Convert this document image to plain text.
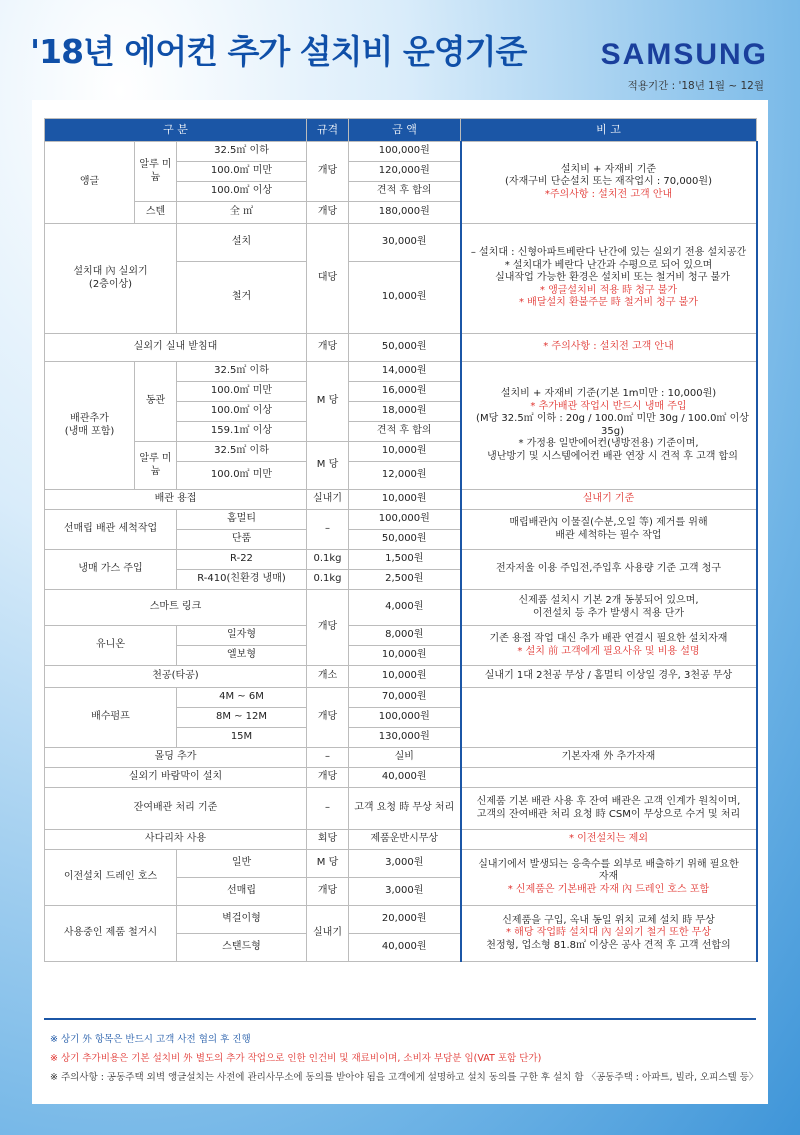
'18년 에어컨 추가 설치비 운영기준 SAMSUNG
적용기간 : '18년 1월 ~ 12월
구 분			규격	금 액	비 고
앵글	알루 미늄	32.5㎡ 이하	개당	100,000원	설치비 + 자재비 기준
(자재구비 단순설치 또는 재작업시 : 70,000원)
*주의사항 : 설치전 고객 안내

		100.0㎡ 미만		120,000원	
		100.0㎡ 이상		견적 후 합의	
	스텐	全 ㎡	개당	180,000원	

설치대 內 실외기
(2층이상)		설치	대당	30,000원	– 설치대 : 신형아파트베란다 난간에 있는 실외기 전용 설치공간
* 설치대가 베란다 난간과 수평으로 되어 있으며
실내작업 가능한 환경은 설치비 또는 철거비 청구 불가
* 앵글설치비 적용 時 청구 불가
* 배달설치 환불주문 時 철거비 청구 불가

		철거		10,000원	
실외기 실내 받침대			개당	50,000원	* 주의사항 : 설치전 고객 안내

배관추가
(냉매 포함)	동관	32.5㎡ 이하	M 당	14,000원	설치비 + 자재비 기준(기본 1m미만 : 10,000원)
* 추가배관 작업시 반드시 냉매 주입
(M당 32.5㎡ 이하 : 20g / 100.0㎡ 미만 30g / 100.0㎡ 이상 35g)
* 가정용 일반에어컨(냉방전용) 기준이며,
냉난방기 및 시스템에어컨 배관 연장 시 견적 후 고객 합의

		100.0㎡ 미만		16,000원	
		100.0㎡ 이상		18,000원	
		159.1㎡ 이상		견적 후 합의	
	알루 미늄	32.5㎡ 이하	M 당	10,000원	
		100.0㎡ 미만		12,000원	
배관 용접			실내기	10,000원	실내기 기준

선매립 배관 세척작업		홈멀티	–	100,000원	매립배관內 이물질(수분,오일 等) 제거를 위해
배관 세척하는 필수 작업

		단품		50,000원	
냉매 가스 주입		R-22	0.1kg	1,500원	전자저울 이용 주입전,주입후 사용량 기준 고객 청구
		R-410(친환경 냉매)	0.1kg	2,500원	
스마트 링크			개당	4,000원	신제품 설치시 기본 2개 동봉되어 있으며,
이전설치 등 추가 발생시 적용 단가

유니온		일자형		8,000원	기존 용접 작업 대신 추가 배관 연결시 필요한 설치자재
* 설치 前 고객에게 필요사유 및 비용 설명

		엘보형		10,000원	
천공(타공)			개소	10,000원	실내기 1대 2천공 무상 / 홈멀티 이상일 경우, 3천공 무상
배수펌프		4M ~ 6M	개당	70,000원	
		8M ~ 12M		100,000원	
		15M		130,000원	
몰딩 추가			–	실비	기본자재 外 추가자재
실외기 바람막이 설치			개당	40,000원	
잔여배관 처리 기준			–	고객 요청 時 무상 처리	신제품 기본 배관 사용 후 잔여 배관은 고객 인계가 원칙이며,
고객의 잔여배관 처리 요청 時 CSM이 무상으로 수거 및 처리

사다리차 사용			회당	제품운반시무상	* 이전설치는 제외

이전설치 드레인 호스		일반	M 당	3,000원	실내기에서 발생되는 응축수를 외부로 배출하기 위해 필요한
자재
* 신제품은 기본배관 자재 內 드레인 호스 포함

		선매립	개당	3,000원	
사용중인 제품 철거시		벽걸이형	실내기	20,000원	신제품을 구입, 옥내 동일 위치 교체 설치 時 무상
* 해당 작업時 설치대 內 실외기 철거 또한 무상
천정형, 업소형 81.8㎡ 이상은 공사 견적 후 고객 선합의

		스탠드형		40,000원	
※ 상기 外 항목은 반드시 고객 사전 협의 후 진행
※ 상기 추가비용은 기본 설치비 外 별도의 추가 작업으로 인한 인건비 및 재료비이며, 소비자 부담분 임(VAT 포함 단가)
※ 주의사항 : 공동주택 외벽 앵글설치는 사전에 관리사무소에 동의를 받아야 됨을 고객에게 설명하고 설치 동의를 구한 후 설치 함 〈공동주택 : 아파트, 빌라, 오피스텔 등〉
